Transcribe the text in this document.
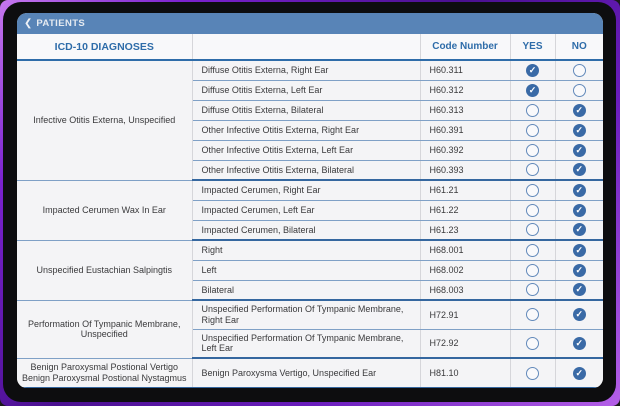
❮ PATIENTS
ICD-10 DIAGNOSES		Code Number	YES	NO
Infective Otitis Externa, Unspecified	Diffuse Otitis Externa, Right Ear	H60.311	✓	
	Diffuse Otitis Externa, Left Ear	H60.312	✓	
	Diffuse Otitis Externa, Bilateral	H60.313		✓
	Other Infective Otitis Externa, Right Ear	H60.391		✓
	Other Infective Otitis Externa, Left Ear	H60.392		✓
	Other Infective Otitis Externa, Bilateral	H60.393		✓
Impacted Cerumen Wax In Ear	Impacted Cerumen, Right Ear	H61.21		✓
	Impacted Cerumen, Left Ear	H61.22		✓
	Impacted Cerumen, Bilateral	H61.23		✓
Unspecified Eustachian Salpingtis	Right	H68.001		✓
	Left	H68.002		✓
	Bilateral	H68.003		✓
Performation Of Tympanic Membrane, Unspecified	Unspecified Performation Of Tympanic Membrane, Right Ear	H72.91		✓
	Unspecified Performation Of Tympanic Membrane, Left Ear	H72.92		✓
Benign Paroxysmal Postional Vertigo Benign Paroxysmal Postional Nystagmus	Benign Paroxysma Vertigo, Unspecified Ear	H81.10		✓
